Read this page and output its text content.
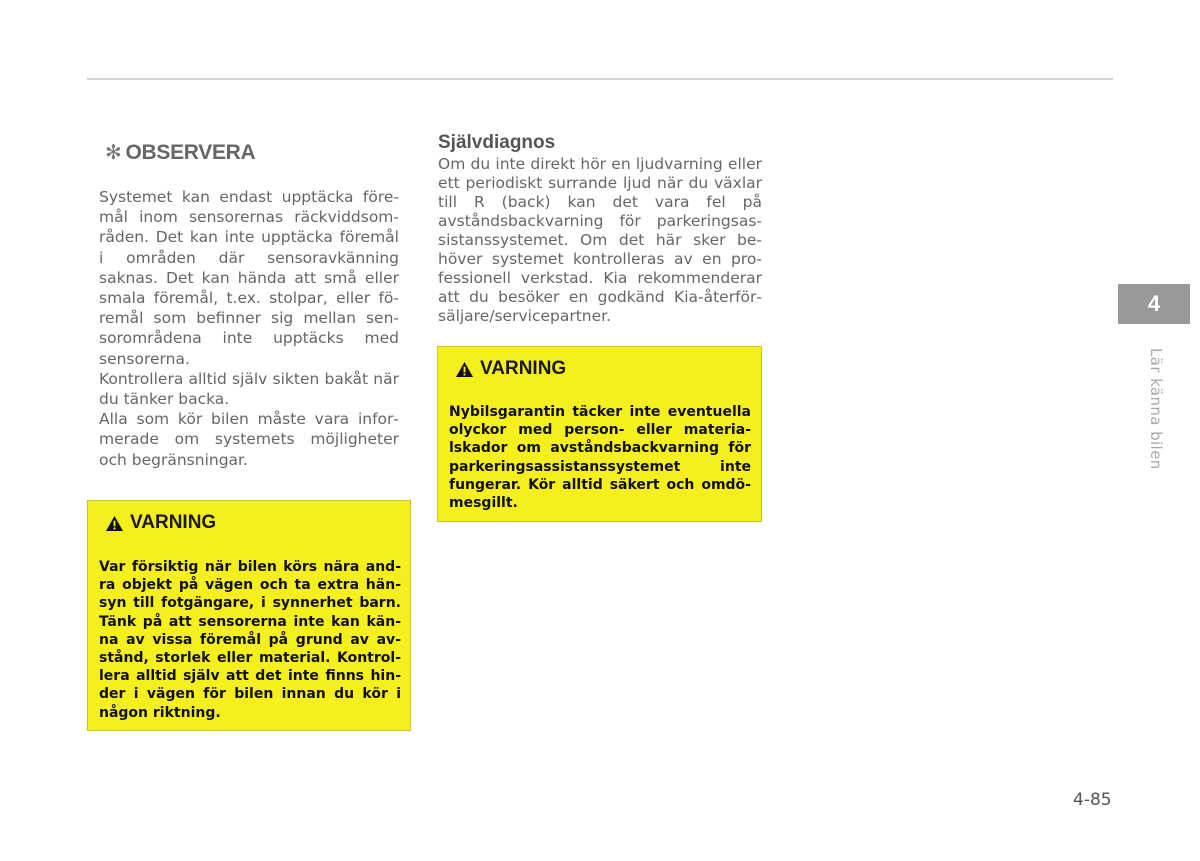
✻ OBSERVERA

Systemet kan endast upptäcka föremål inom sensorernas räckviddsområden. Det kan inte upptäcka föremål i områden där sensoravkänning saknas. Det kan hända att små eller smala föremål, t.ex. stolpar, eller föremål som befinner sig mellan sensorområdena inte upptäcks med sensorerna.

Kontrollera alltid själv sikten bakåt när du tänker backa.

Alla som kör bilen måste vara informerade om systemets möjligheter och begränsningar.

VARNING
Var försiktig när bilen körs nära andra objekt på vägen och ta extra hänsyn till fotgängare, i synnerhet barn. Tänk på att sensorerna inte kan känna av vissa föremål på grund av avstånd, storlek eller material. Kontrollera alltid själv att det inte finns hinder i vägen för bilen innan du kör i någon riktning.
Självdiagnos

Om du inte direkt hör en ljudvarning eller ett periodiskt surrande ljud när du växlar till R (back) kan det vara fel på avståndsbackvarning för parkeringsassistanssystemet. Om det här sker behöver systemet kontrolleras av en professionell verkstad. Kia rekommenderar att du besöker en godkänd Kia-återförsäljare/servicepartner.

VARNING
Nybilsgarantin täcker inte eventuella olyckor med person- eller materialskador om avståndsbackvarning för parkeringsassistanssystemet inte fungerar. Kör alltid säkert och omdömesgillt.
4
Lär känna bilen
4-85
